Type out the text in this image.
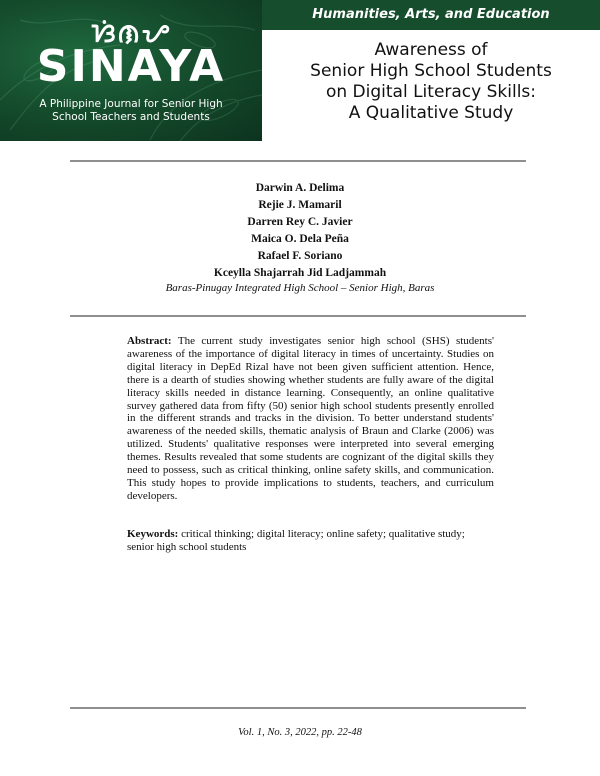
ᜐᜒᜈᜌ
SINAYA
A Philippine Journal for Senior High
School Teachers and Students
Humanities, Arts, and Education
Awareness of
Senior High School Students
on Digital Literacy Skills:
A Qualitative Study
Darwin A. Delima
Rejie J. Mamaril
Darren Rey C. Javier
Maica O. Dela Peña
Rafael F. Soriano
Kceylla Shajarrah Jid Ladjammah
Baras-Pinugay Integrated High School – Senior High, Baras
Abstract: The current study investigates senior high school (SHS) students' awareness of the importance of digital literacy in times of uncertainty. Studies on digital literacy in DepEd Rizal have not been given sufficient attention. Hence, there is a dearth of studies showing whether students are fully aware of the digital literacy skills needed in distance learning. Consequently, an online qualitative survey gathered data from fifty (50) senior high school students presently enrolled in the different strands and tracks in the division. To better understand students' awareness of the needed skills, thematic analysis of Braun and Clarke (2006) was utilized. Students' qualitative responses were interpreted into several emerging themes. Results revealed that some students are cognizant of the digital skills they need to possess, such as critical thinking, online safety skills, and communication. This study hopes to provide implications to students, teachers, and curriculum developers.
Keywords: critical thinking; digital literacy; online safety; qualitative study; senior high school students
Vol. 1, No. 3, 2022, pp. 22-48
